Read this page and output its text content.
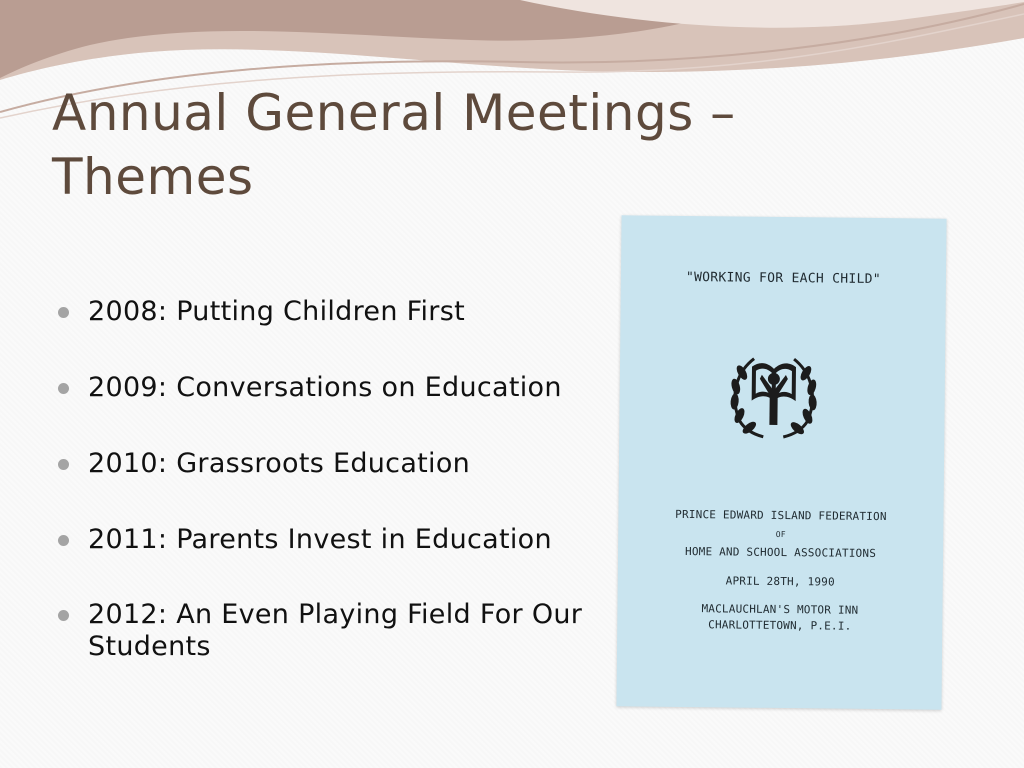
Annual General Meetings –
Themes
2008: Putting Children First
2009: Conversations on Education
2010: Grassroots Education
2011: Parents Invest in Education
2012: An Even Playing Field For Our Students
"WORKING FOR EACH CHILD"
PRINCE EDWARD ISLAND FEDERATION
OF
HOME AND SCHOOL ASSOCIATIONS
APRIL 28TH, 1990
MACLAUCHLAN'S MOTOR INN
CHARLOTTETOWN, P.E.I.
